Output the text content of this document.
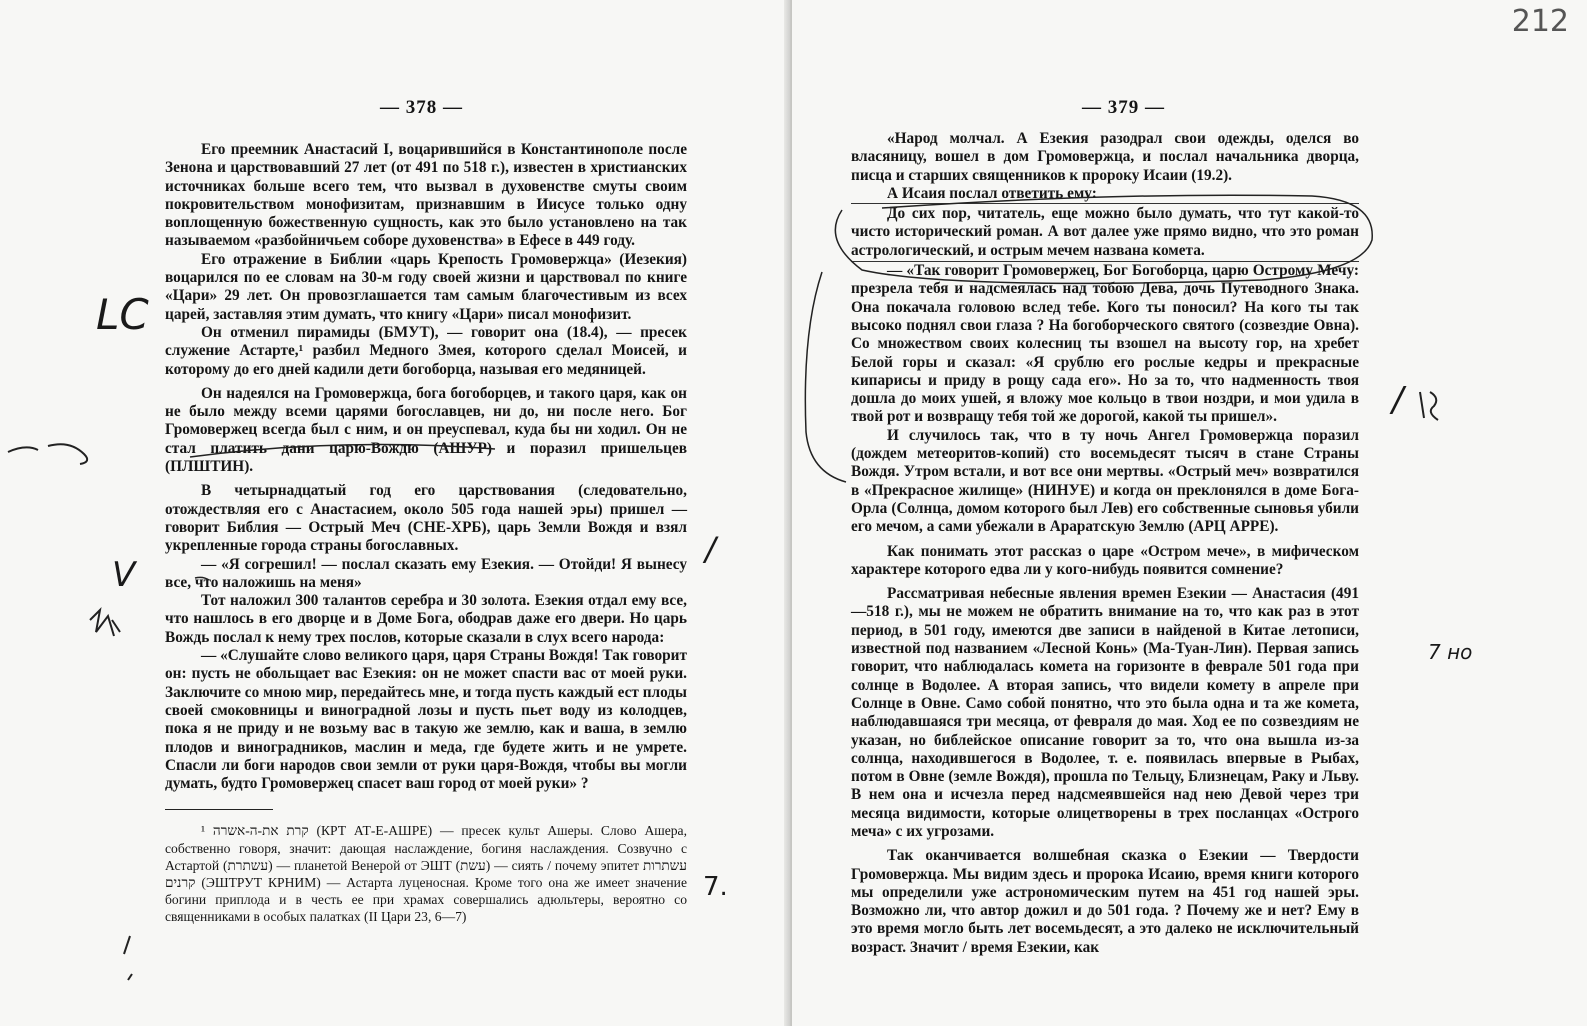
— 378 —

Его преемник Анастасий I, воцарившийся в Константинополе после Зенона и царствовавший 27 лет (от 491 по 518 г.), известен в христианских источниках больше всего тем, что вызвал в духовенстве смуты своим покровительством монофизитам, признавшим в Иисусе только одну воплощенную божественную сущность, как это было установлено на так называемом «разбойничьем соборе духовенства» в Ефесе в 449 году.

Его отражение в Библии «царь Крепость Громовержца» (Иезекия) воцарился по ее словам на 30-м году своей жизни и царствовал по книге «Цари» 29 лет. Он провозглашается там самым благочестивым из всех царей, заставляя этим думать, что книгу «Цари» писал монофизит.

Он отменил пирамиды (БМУТ), — говорит она (18.4), — пресек служение Астарте,¹ разбил Медного Змея, которого сделал Моисей, и которому до его дней кадили дети богоборца, называя его медяницей.

Он надеялся на Громовержца, бога богоборцев, и такого царя, как он не было между всеми царями богославцев, ни до, ни после него. Бог Громовержец всегда был с ним, и он преуспевал, куда бы ни ходил. Он не стал платить дани царю-Вождю (АШУР) и поразил пришельцев (ПЛШТИН).

В четырнадцатый год его царствования (следовательно, отождествляя его с Анастасием, около 505 года нашей эры) пришел — говорит Библия — Острый Меч (СНЕ-ХРБ), царь Земли Вождя и взял укрепленные города страны богославных.

— «Я согрешил! — послал сказать ему Езекия. — Отойди! Я вынесу все, что наложишь на меня»

Тот наложил 300 талантов серебра и 30 золота. Езекия отдал ему все, что нашлось в его дворце и в Доме Бога, ободрав даже его двери. Но царь Вождь послал к нему трех послов, которые сказали в слух всего народа:

— «Слушайте слово великого царя, царя Страны Вождя! Так говорит он: пусть не обольщает вас Езекия: он не может спасти вас от моей руки. Заключите со мною мир, передайтесь мне, и тогда пусть каждый ест плоды своей смоковницы и виноградной лозы и пусть пьет воду из колодцев, пока я не приду и не возьму вас в такую же землю, как и ваша, в землю плодов и виноградников, маслин и меда, где будете жить и не умрете. Спасли ли боги народов свои земли от руки царя-Вождя, чтобы вы могли думать, будто Громовержец спасет ваш город от моей руки» ?

¹ קרת את-ה-אשרה (КРТ АТ-Е-АШРЕ) — пресек культ Ашеры. Слово Ашера, собственно говоря, значит: дающая наслаждение, богиня наслаждения. Созвучно с Астартой (עשתרת) — планетой Венерой от ЭШТ (עשת) — сиять / почему эпитет עשתרות קרנים (ЭШТРУТ КРНИМ) — Астарта луценосная. Кроме того она же имеет значение богини приплода и в честь ее при храмах совершались адюльтеры, вероятно со священниками в особых палатках (II Цари 23, 6—7)

LC
V
/
7.
— 379 —

«Народ молчал. А Езекия разодрал свои одежды, оделся во власяницу, вошел в дом Громовержца, и послал начальника дворца, писца и старших священников к пророку Исаии (19.2).

А Исаия послал ответить ему:

До сих пор, читатель, еще можно было думать, что тут какой-то чисто исторический роман. А вот далее уже прямо видно, что это роман астрологический, и острым мечем названа комета.

— «Так говорит Громовержец, Бог Богоборца, царю Острому Мечу: презрела тебя и надсмеялась над тобою Дева, дочь Путеводного Знака. Она покачала головою вслед тебе. Кого ты поносил? На кого ты так высоко поднял свои глаза ? На богоборческого святого (созвездие Овна). Со множеством своих колесниц ты взошел на высоту гор, на хребет Белой горы и сказал: «Я срублю его рослые кедры и прекрасные кипарисы и приду в рощу сада его». Но за то, что надменность твоя дошла до моих ушей, я вложу мое кольцо в твои ноздри, и мои удила в твой рот и возвращу тебя той же дорогой, какой ты пришел».

И случилось так, что в ту ночь Ангел Громовержца поразил (дождем метеоритов-копий) сто восемьдесят тысяч в стане Страны Вождя. Утром встали, и вот все они мертвы. «Острый меч» возвратился в «Прекрасное жилище» (НИНУЕ) и когда он преклонялся в доме Бога-Орла (Солнца, домом которого был Лев) его собственные сыновья убили его мечом, а сами убежали в Араратскую Землю (АРЦ АРРЕ).

Как понимать этот рассказ о царе «Остром мече», в мифическом характере которого едва ли у кого-нибудь появится сомнение?

Рассматривая небесные явления времен Езекии — Анастасия (491—518 г.), мы не можем не обратить внимание на то, что как раз в этот период, в 501 году, имеются две записи в найденой в Китае летописи, известной под названием «Лесной Конь» (Ма-Туан-Лин). Первая запись говорит, что наблюдалась комета на горизонте в феврале 501 года при солнце в Водолее. А вторая запись, что видели комету в апреле при Солнце в Овне. Само собой понятно, что это была одна и та же комета, наблюдавшаяся три месяца, от февраля до мая. Ход ее по созвездиям не указан, но библейское описание говорит за то, что она вышла из-за солнца, находившегося в Водолее, т. е. появилась впервые в Рыбах, потом в Овне (земле Вождя), прошла по Тельцу, Близнецам, Раку и Льву. В нем она и исчезла перед надсмеявшейся над нею Девой через три месяца видимости, которые олицетворены в трех посланцах «Острого меча» с их угрозами.

Так оканчивается волшебная сказка о Езекии — Твердости Громовержца. Мы видим здесь и пророка Исаию, время книги которого мы определили уже астрономическим путем на 451 год нашей эры. Возможно ли, что автор дожил и до 501 года. ? Почему же и нет? Ему в это время могло быть лет восемьдесят, а это далеко не исключительный возраст. Значит / время Езекии, как

/
7 но
212
